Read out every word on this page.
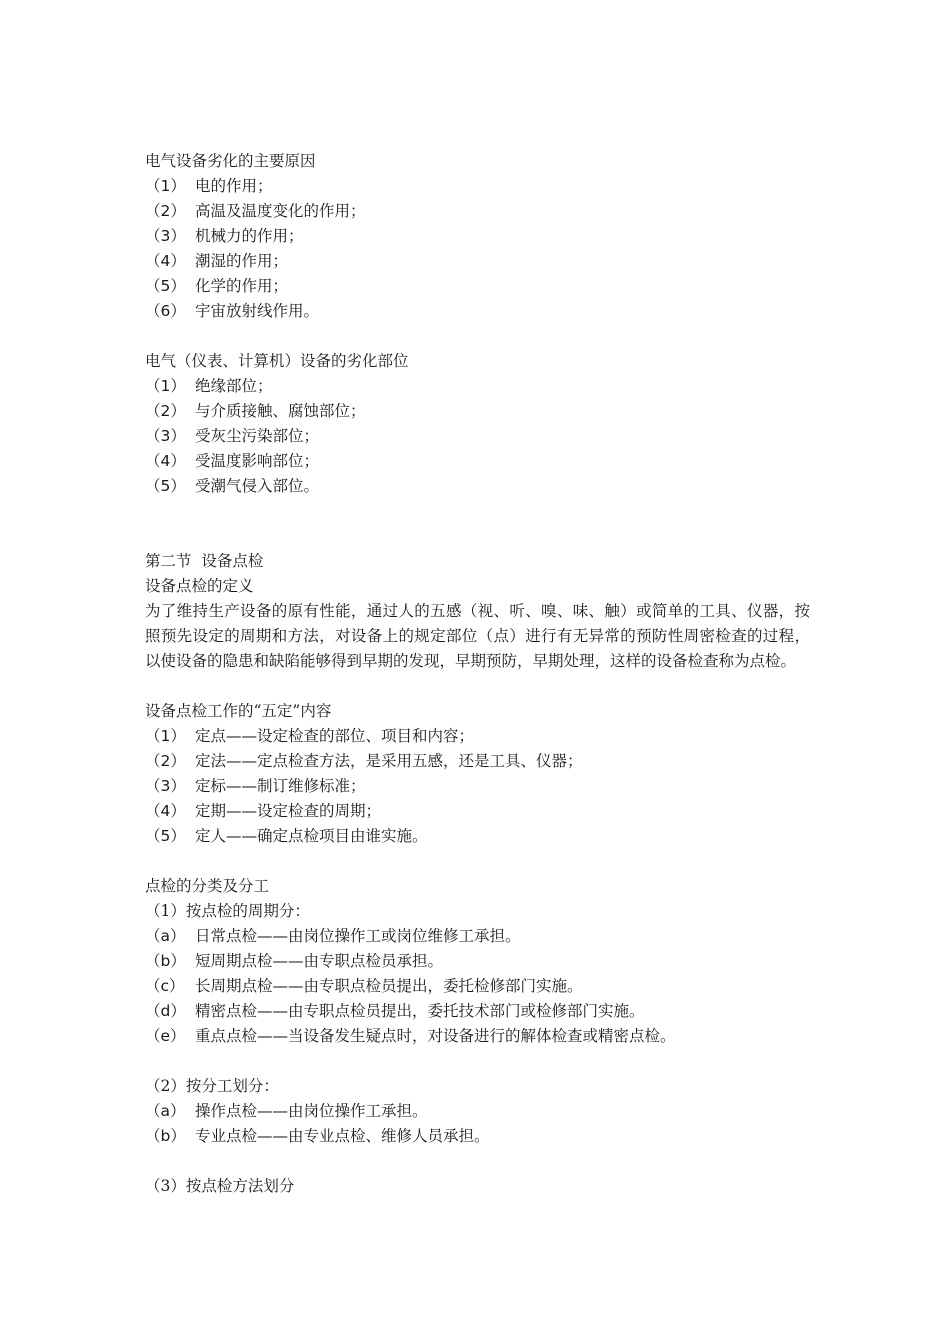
电气设备劣化的主要原因
（1） 电的作用；
（2） 高温及温度变化的作用；
（3） 机械力的作用；
（4） 潮湿的作用；
（5） 化学的作用；
（6） 宇宙放射线作用。
电气（仪表、计算机）设备的劣化部位
（1） 绝缘部位；
（2） 与介质接触、腐蚀部位；
（3） 受灰尘污染部位；
（4） 受温度影响部位；
（5） 受潮气侵入部位。
第二节  设备点检
设备点检的定义
为了维持生产设备的原有性能，通过人的五感（视、听、嗅、味、触）或简单的工具、仪器，按照预先设定的周期和方法，对设备上的规定部位（点）进行有无异常的预防性周密检查的过程，以使设备的隐患和缺陷能够得到早期的发现，早期预防，早期处理，这样的设备检查称为点检。
设备点检工作的“五定”内容
（1） 定点——设定检查的部位、项目和内容；
（2） 定法——定点检查方法，是采用五感，还是工具、仪器；
（3） 定标——制订维修标准；
（4） 定期——设定检查的周期；
（5） 定人——确定点检项目由谁实施。
点检的分类及分工
（1）按点检的周期分：
（a） 日常点检——由岗位操作工或岗位维修工承担。
（b） 短周期点检——由专职点检员承担。
（c） 长周期点检——由专职点检员提出，委托检修部门实施。
（d） 精密点检——由专职点检员提出，委托技术部门或检修部门实施。
（e） 重点点检——当设备发生疑点时，对设备进行的解体检查或精密点检。
（2）按分工划分：
（a） 操作点检——由岗位操作工承担。
（b） 专业点检——由专业点检、维修人员承担。
（3）按点检方法划分
